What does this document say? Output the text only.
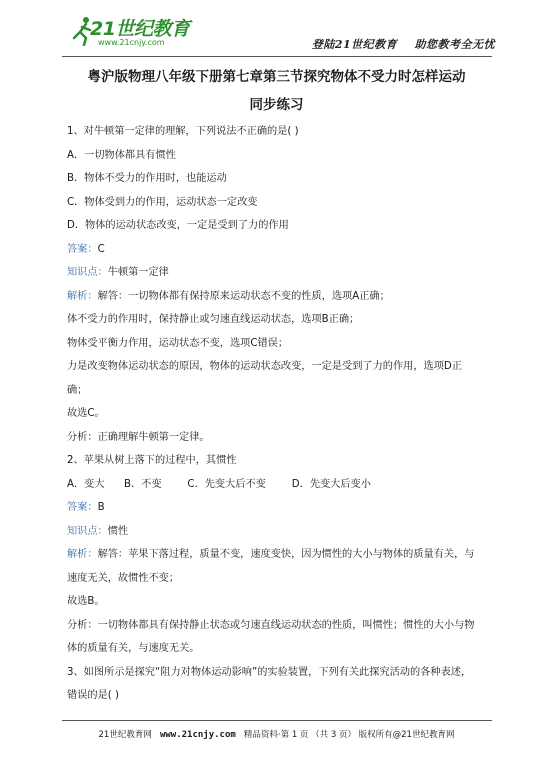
21世纪教育
www.21cnjy.com	登陆21世纪教育    助您教考全无忧
粤沪版物理八年级下册第七章第三节探究物体不受力时怎样运动
同步练习
1、对牛顿第一定律的理解，下列说法不正确的是( )
A．一切物体都具有惯性
B．物体不受力的作用时，也能运动
C．物体受到力的作用，运动状态一定改变
D．物体的运动状态改变，一定是受到了力的作用
答案：C
知识点：牛顿第一定律
解析：解答：一切物体都有保持原来运动状态不变的性质，选项A正确；
体不受力的作用时，保持静止或匀速直线运动状态，选项B正确；
物体受平衡力作用，运动状态不变，选项C错误；
力是改变物体运动状态的原因，物体的运动状态改变，一定是受到了力的作用，选项D正
确；
故选C。
分析：正确理解牛顿第一定律。
2、苹果从树上落下的过程中，其惯性
A．变大      B．不变        C．先变大后不变        D．先变大后变小
答案：B
知识点：惯性
解析：解答：苹果下落过程，质量不变，速度变快，因为惯性的大小与物体的质量有关，与
速度无关，故惯性不变；
故选B。
分析：一切物体都具有保持静止状态或匀速直线运动状态的性质，叫惯性；惯性的大小与物
体的质量有关，与速度无关。
3、如图所示是探究“阻力对物体运动影响”的实验装置，下列有关此探究活动的各种表述，
错误的是( )
21世纪教育网 www.21cnjy.com 精品资料·第 1 页 （共 3 页） 版权所有@21世纪教育网
